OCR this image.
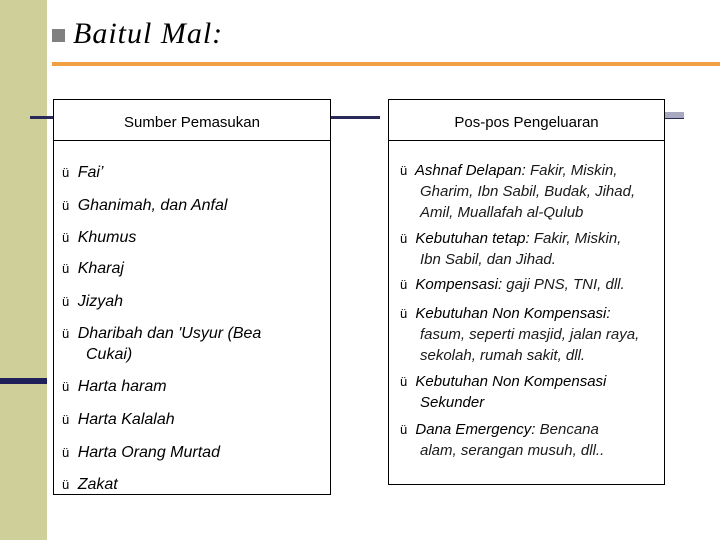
Baitul Mal:
Sumber Pemasukan	Pos-pos Pengeluaran
ü Fai’
ü Ghanimah, dan Anfal
ü Khumus
ü Kharaj
ü Jizyah
ü Dharibah dan 'Usyur (Bea
Cukai)
ü Harta haram
ü Harta Kalalah
ü Harta Orang Murtad
ü Zakat
ü Ashnaf Delapan: Fakir, Miskin,
Gharim, Ibn Sabil, Budak, Jihad,
Amil, Muallafah al-Qulub
ü Kebutuhan tetap: Fakir, Miskin,
Ibn Sabil, dan Jihad.
ü Kompensasi: gaji PNS, TNI, dll.
ü Kebutuhan Non Kompensasi:
fasum, seperti masjid, jalan raya,
sekolah, rumah sakit, dll.
ü Kebutuhan Non Kompensasi
Sekunder
ü Dana Emergency: Bencana
alam, serangan musuh, dll..
